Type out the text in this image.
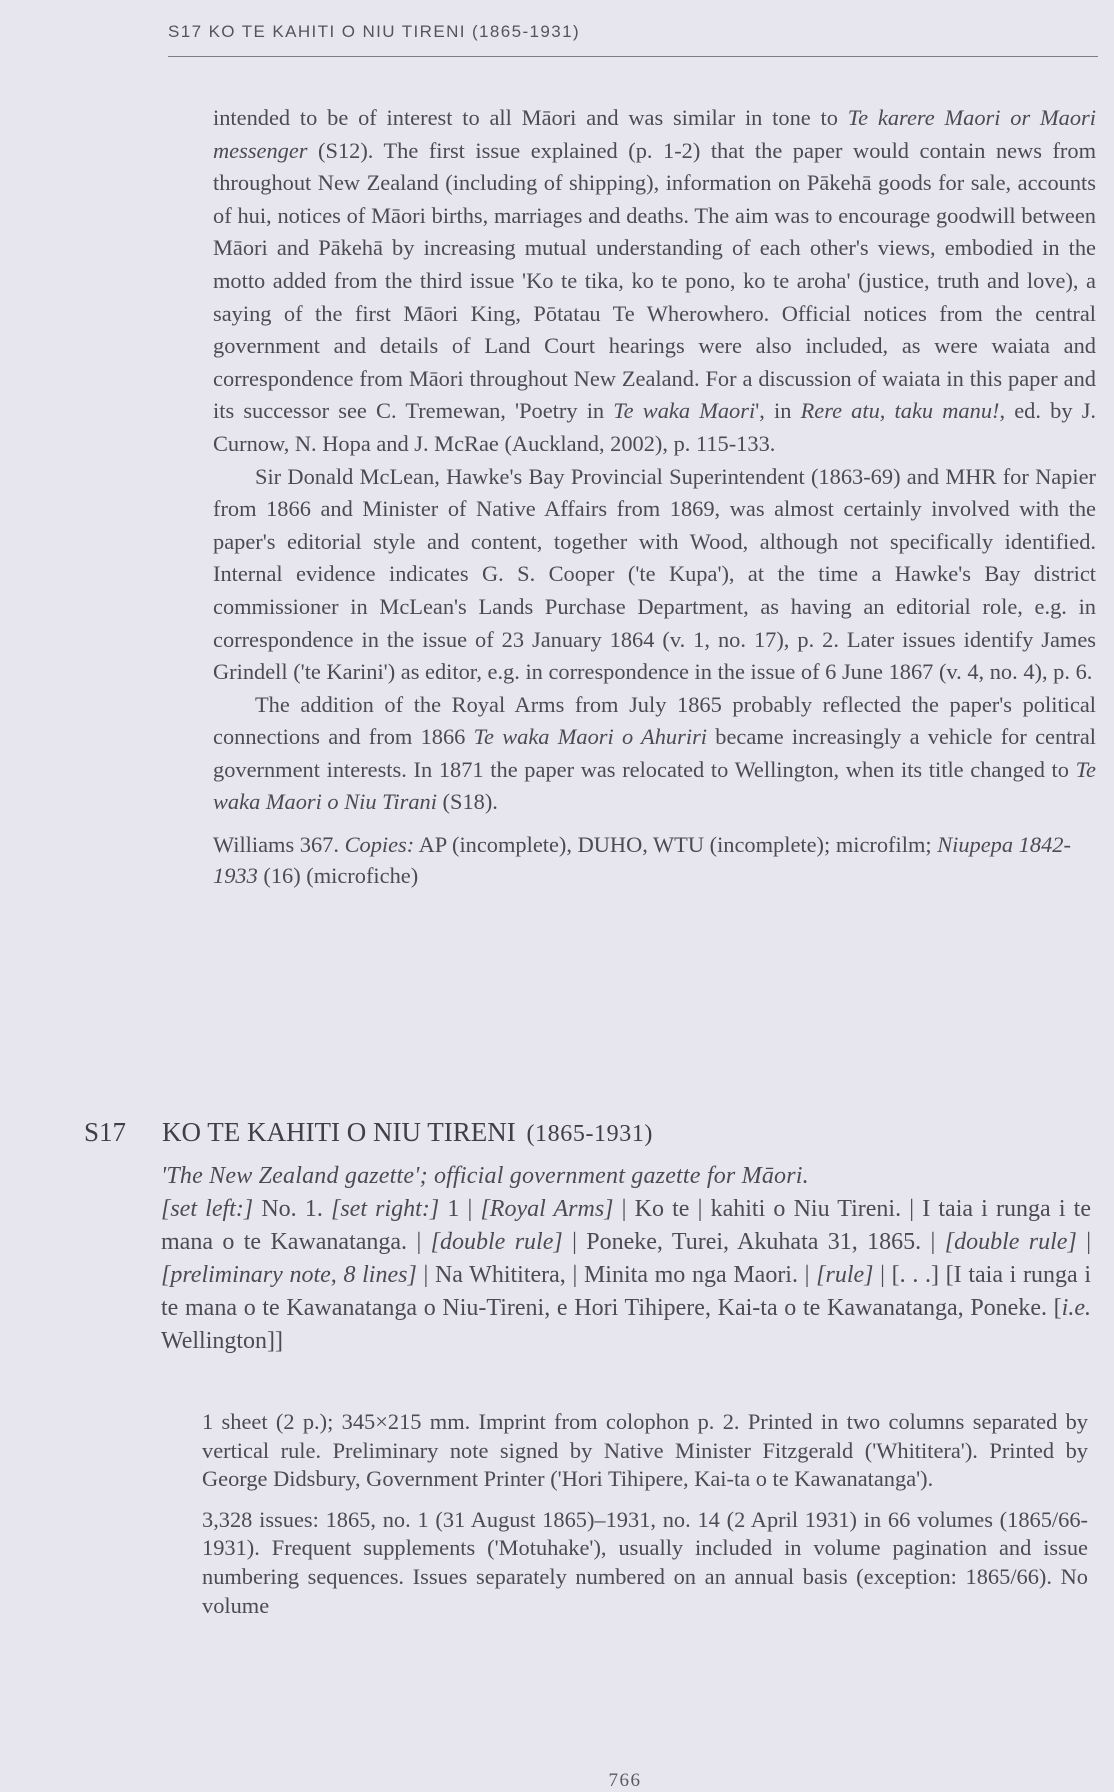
S17 KO TE KAHITI O NIU TIRENI (1865-1931)

intended to be of interest to all Māori and was similar in tone to Te karere Maori or Maori messenger (S12). The first issue explained (p. 1-2) that the paper would contain news from throughout New Zealand (including of shipping), information on Pākehā goods for sale, accounts of hui, notices of Māori births, marriages and deaths. The aim was to encourage goodwill between Māori and Pākehā by increasing mutual understanding of each other's views, embodied in the motto added from the third issue 'Ko te tika, ko te pono, ko te aroha' (justice, truth and love), a saying of the first Māori King, Pōtatau Te Wherowhero. Official notices from the central government and details of Land Court hearings were also included, as were waiata and correspondence from Māori throughout New Zealand. For a discussion of waiata in this paper and its successor see C. Tremewan, 'Poetry in Te waka Maori', in Rere atu, taku manu!, ed. by J. Curnow, N. Hopa and J. McRae (Auckland, 2002), p. 115-133.

Sir Donald McLean, Hawke's Bay Provincial Superintendent (1863-69) and MHR for Napier from 1866 and Minister of Native Affairs from 1869, was almost certainly involved with the paper's editorial style and content, together with Wood, although not specifically identified. Internal evidence indicates G. S. Cooper ('te Kupa'), at the time a Hawke's Bay district commissioner in McLean's Lands Purchase Department, as having an editorial role, e.g. in correspondence in the issue of 23 January 1864 (v. 1, no. 17), p. 2. Later issues identify James Grindell ('te Karini') as editor, e.g. in correspondence in the issue of 6 June 1867 (v. 4, no. 4), p. 6.

The addition of the Royal Arms from July 1865 probably reflected the paper's political connections and from 1866 Te waka Maori o Ahuriri became increasingly a vehicle for central government interests. In 1871 the paper was relocated to Wellington, when its title changed to Te waka Maori o Niu Tirani (S18).

Williams 367. Copies: AP (incomplete), DUHO, WTU (incomplete); microfilm; Niupepa 1842-1933 (16) (microfiche)

S17 KO TE KAHITI O NIU TIRENI (1865-1931)

'The New Zealand gazette'; official government gazette for Māori.

[set left:] No. 1. [set right:] 1 | [Royal Arms] | Ko te | kahiti o Niu Tireni. | I taia i runga i te mana o te Kawanatanga. | [double rule] | Poneke, Turei, Akuhata 31, 1865. | [double rule] | [preliminary note, 8 lines] | Na Whititera, | Minita mo nga Maori. | [rule] | [. . .] [I taia i runga i te mana o te Kawanatanga o Niu-Tireni, e Hori Tihipere, Kai-ta o te Kawanatanga, Poneke. [i.e. Wellington]]

1 sheet (2 p.); 345×215 mm. Imprint from colophon p. 2. Printed in two columns separated by vertical rule. Preliminary note signed by Native Minister Fitzgerald ('Whititera'). Printed by George Didsbury, Government Printer ('Hori Tihipere, Kai-ta o te Kawanatanga').

3,328 issues: 1865, no. 1 (31 August 1865)–1931, no. 14 (2 April 1931) in 66 volumes (1865/66-1931). Frequent supplements ('Motuhake'), usually included in volume pagination and issue numbering sequences. Issues separately numbered on an annual basis (exception: 1865/66). No volume

766
